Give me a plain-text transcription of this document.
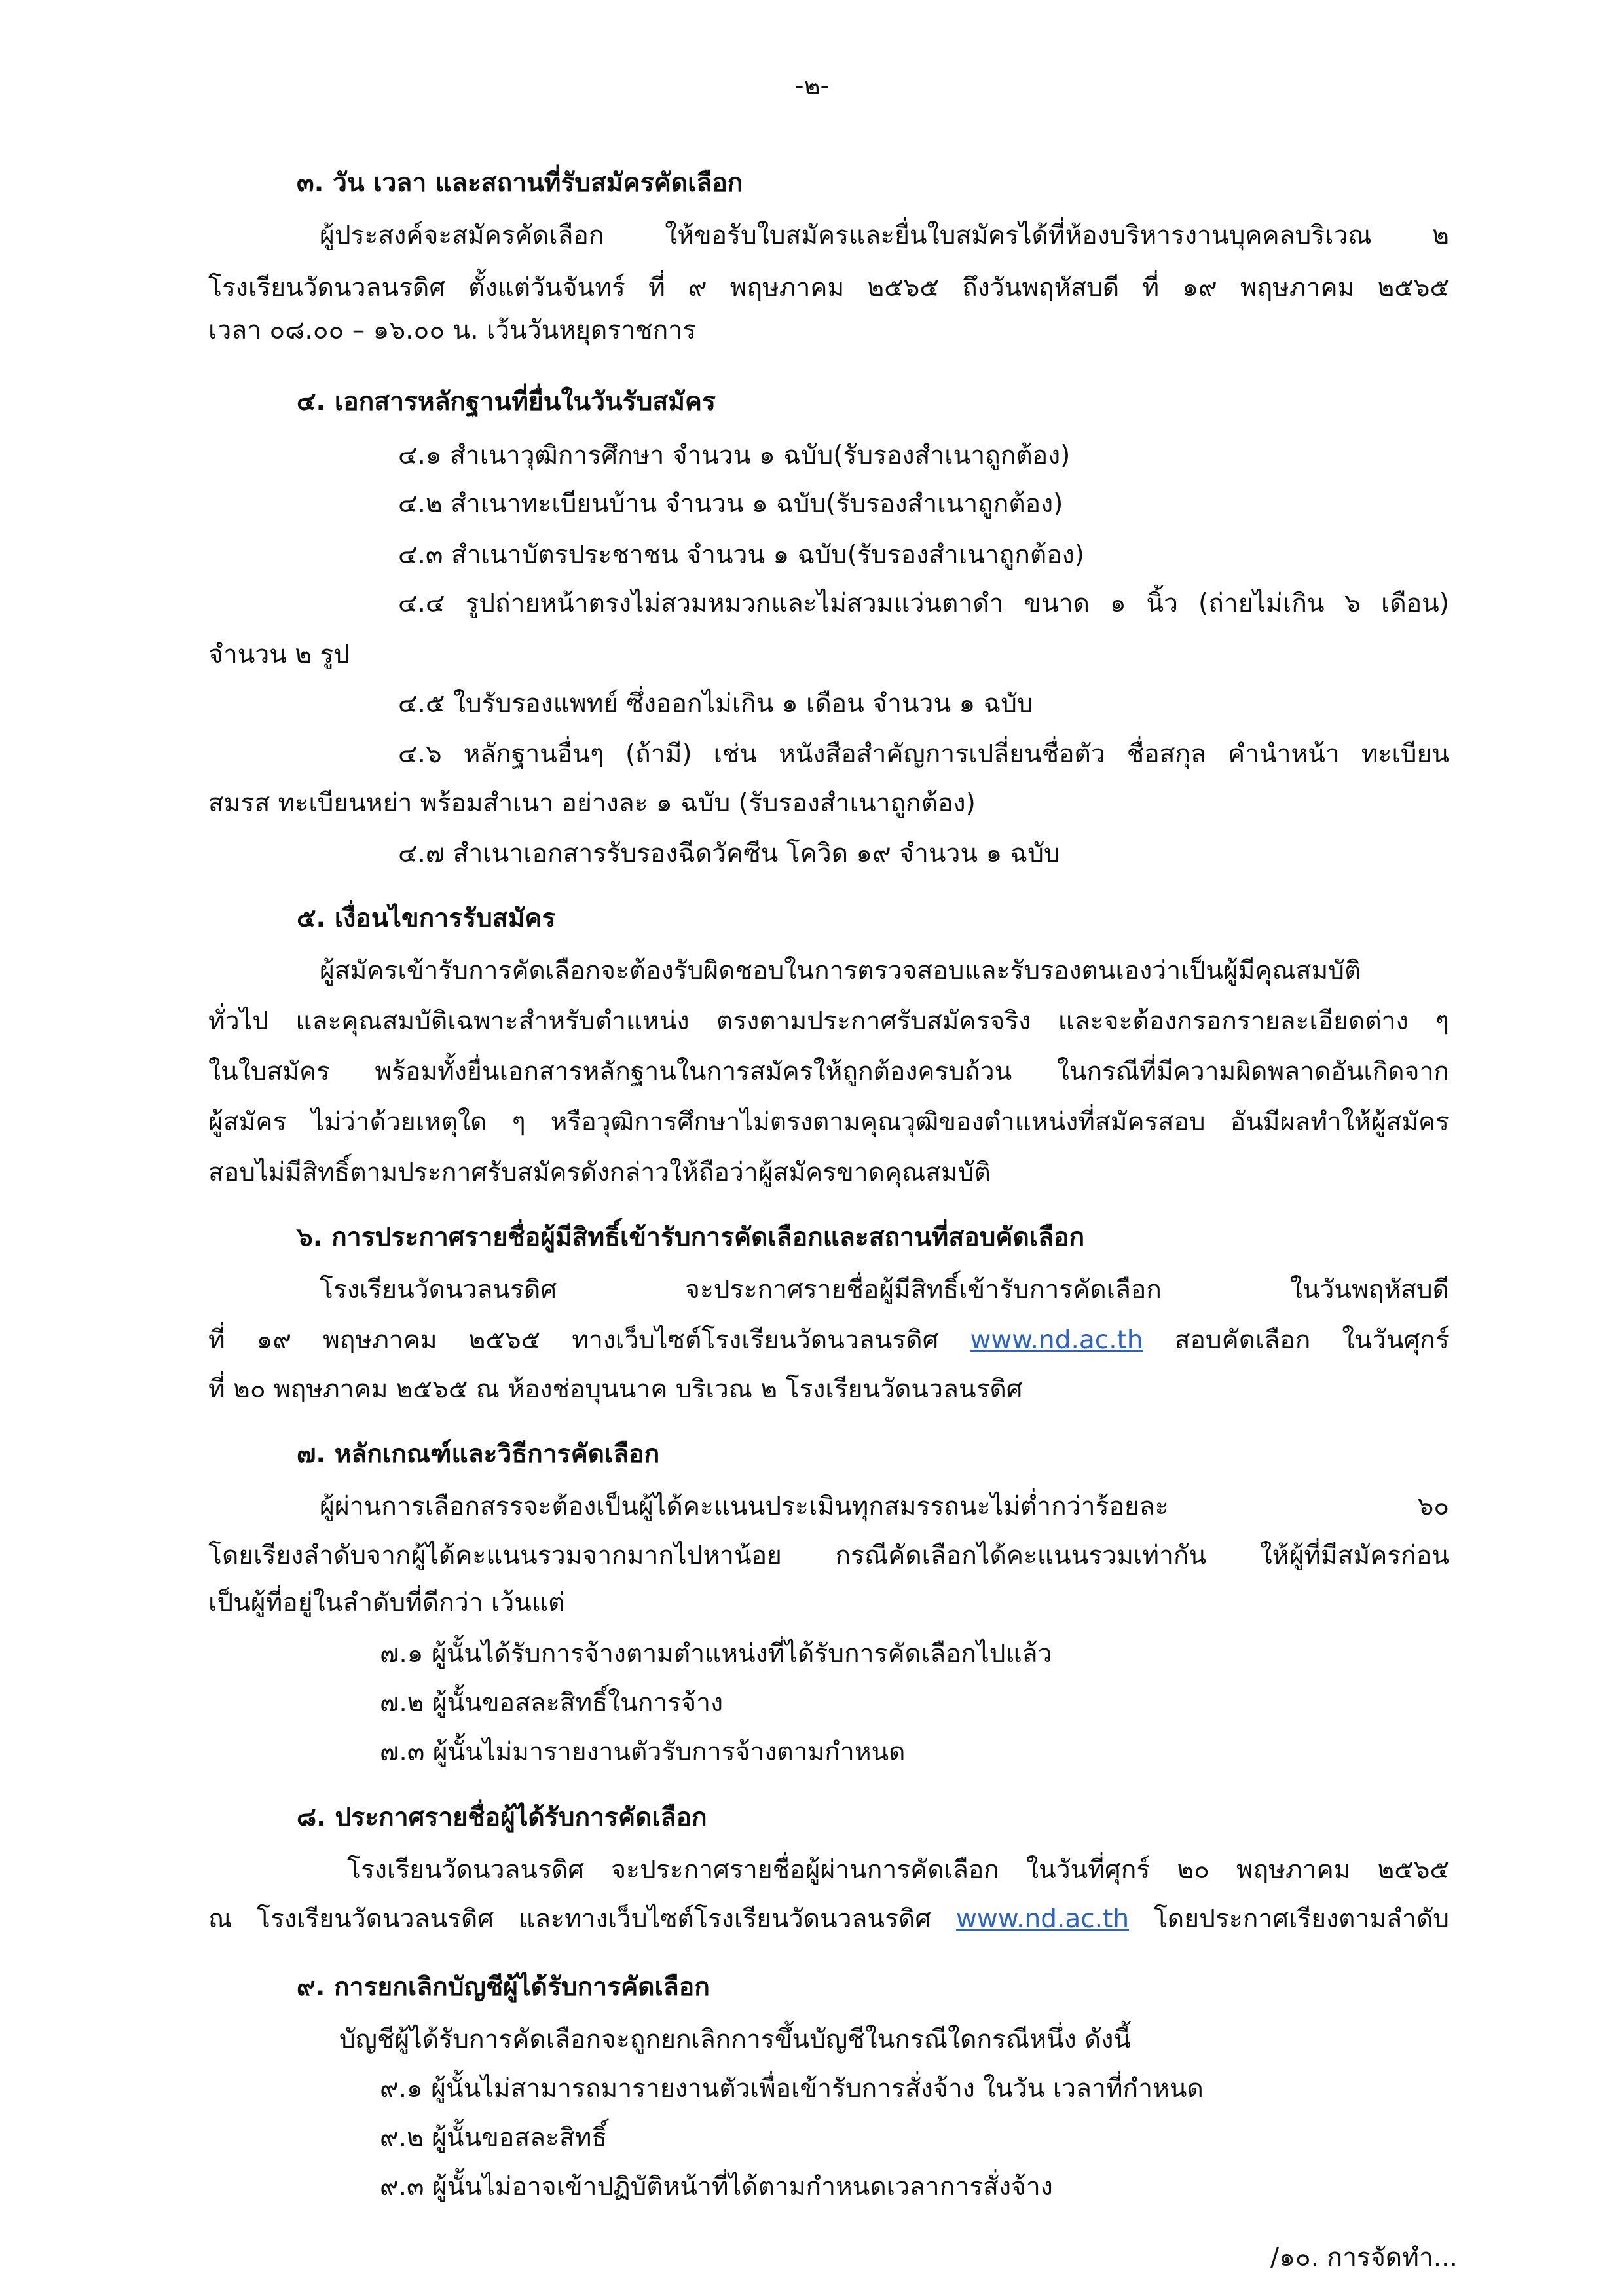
-๒-

๓. วัน เวลา และสถานที่รับสมัครคัดเลือก

ผู้ประสงค์จะสมัครคัดเลือก ให้ขอรับใบสมัครและยื่นใบสมัครได้ที่ห้องบริหารงานบุคคลบริเวณ ๒

โรงเรียนวัดนวลนรดิศ ตั้งแต่วันจันทร์ ที่ ๙ พฤษภาคม ๒๕๖๕ ถึงวันพฤหัสบดี ที่ ๑๙ พฤษภาคม ๒๕๖๕

เวลา ๐๘.๐๐ – ๑๖.๐๐ น. เว้นวันหยุดราชการ

๔. เอกสารหลักฐานที่ยื่นในวันรับสมัคร

๔.๑ สำเนาวุฒิการศึกษา จำนวน ๑ ฉบับ(รับรองสำเนาถูกต้อง)

๔.๒ สำเนาทะเบียนบ้าน จำนวน ๑ ฉบับ(รับรองสำเนาถูกต้อง)

๔.๓ สำเนาบัตรประชาชน จำนวน ๑ ฉบับ(รับรองสำเนาถูกต้อง)

๔.๔ รูปถ่ายหน้าตรงไม่สวมหมวกและไม่สวมแว่นตาดำ ขนาด ๑ นิ้ว (ถ่ายไม่เกิน ๖ เดือน)

จำนวน ๒ รูป

๔.๕ ใบรับรองแพทย์ ซึ่งออกไม่เกิน ๑ เดือน จำนวน ๑ ฉบับ

๔.๖ หลักฐานอื่นๆ (ถ้ามี) เช่น หนังสือสำคัญการเปลี่ยนชื่อตัว ชื่อสกุล คำนำหน้า ทะเบียน

สมรส ทะเบียนหย่า พร้อมสำเนา อย่างละ ๑ ฉบับ (รับรองสำเนาถูกต้อง)

๔.๗ สำเนาเอกสารรับรองฉีดวัคซีน โควิด ๑๙ จำนวน ๑ ฉบับ

๕. เงื่อนไขการรับสมัคร

ผู้สมัครเข้ารับการคัดเลือกจะต้องรับผิดชอบในการตรวจสอบและรับรองตนเองว่าเป็นผู้มีคุณสมบัติ

ทั่วไป และคุณสมบัติเฉพาะสำหรับตำแหน่ง ตรงตามประกาศรับสมัครจริง และจะต้องกรอกรายละเอียดต่าง ๆ

ในใบสมัคร พร้อมทั้งยื่นเอกสารหลักฐานในการสมัครให้ถูกต้องครบถ้วน ในกรณีที่มีความผิดพลาดอันเกิดจาก

ผู้สมัคร ไม่ว่าด้วยเหตุใด ๆ หรือวุฒิการศึกษาไม่ตรงตามคุณวุฒิของตำแหน่งที่สมัครสอบ อันมีผลทำให้ผู้สมัคร

สอบไม่มีสิทธิ์ตามประกาศรับสมัครดังกล่าวให้ถือว่าผู้สมัครขาดคุณสมบัติ

๖. การประกาศรายชื่อผู้มีสิทธิ์เข้ารับการคัดเลือกและสถานที่สอบคัดเลือก

โรงเรียนวัดนวลนรดิศ จะประกาศรายชื่อผู้มีสิทธิ์เข้ารับการคัดเลือก ในวันพฤหัสบดี

ที่ ๑๙ พฤษภาคม ๒๕๖๕ ทางเว็บไซต์โรงเรียนวัดนวลนรดิศ www.nd.ac.th สอบคัดเลือก ในวันศุกร์

ที่ ๒๐ พฤษภาคม ๒๕๖๕ ณ ห้องช่อบุนนาค บริเวณ ๒ โรงเรียนวัดนวลนรดิศ

๗. หลักเกณฑ์และวิธีการคัดเลือก

ผู้ผ่านการเลือกสรรจะต้องเป็นผู้ได้คะแนนประเมินทุกสมรรถนะไม่ต่ำกว่าร้อยละ ๖๐

โดยเรียงลำดับจากผู้ได้คะแนนรวมจากมากไปหาน้อย กรณีคัดเลือกได้คะแนนรวมเท่ากัน ให้ผู้ที่มีสมัครก่อน

เป็นผู้ที่อยู่ในลำดับที่ดีกว่า เว้นแต่

๗.๑ ผู้นั้นได้รับการจ้างตามตำแหน่งที่ได้รับการคัดเลือกไปแล้ว

๗.๒ ผู้นั้นขอสละสิทธิ์ในการจ้าง

๗.๓ ผู้นั้นไม่มารายงานตัวรับการจ้างตามกำหนด

๘. ประกาศรายชื่อผู้ได้รับการคัดเลือก

โรงเรียนวัดนวลนรดิศ จะประกาศรายชื่อผู้ผ่านการคัดเลือก ในวันที่ศุกร์ ๒๐ พฤษภาคม ๒๕๖๕

ณ โรงเรียนวัดนวลนรดิศ และทางเว็บไซต์โรงเรียนวัดนวลนรดิศ www.nd.ac.th โดยประกาศเรียงตามลำดับ

๙. การยกเลิกบัญชีผู้ได้รับการคัดเลือก

บัญชีผู้ได้รับการคัดเลือกจะถูกยกเลิกการขึ้นบัญชีในกรณีใดกรณีหนึ่ง ดังนี้

๙.๑ ผู้นั้นไม่สามารถมารายงานตัวเพื่อเข้ารับการสั่งจ้าง ในวัน เวลาที่กำหนด

๙.๒ ผู้นั้นขอสละสิทธิ์

๙.๓ ผู้นั้นไม่อาจเข้าปฏิบัติหน้าที่ได้ตามกำหนดเวลาการสั่งจ้าง

/๑๐. การจัดทำ...
